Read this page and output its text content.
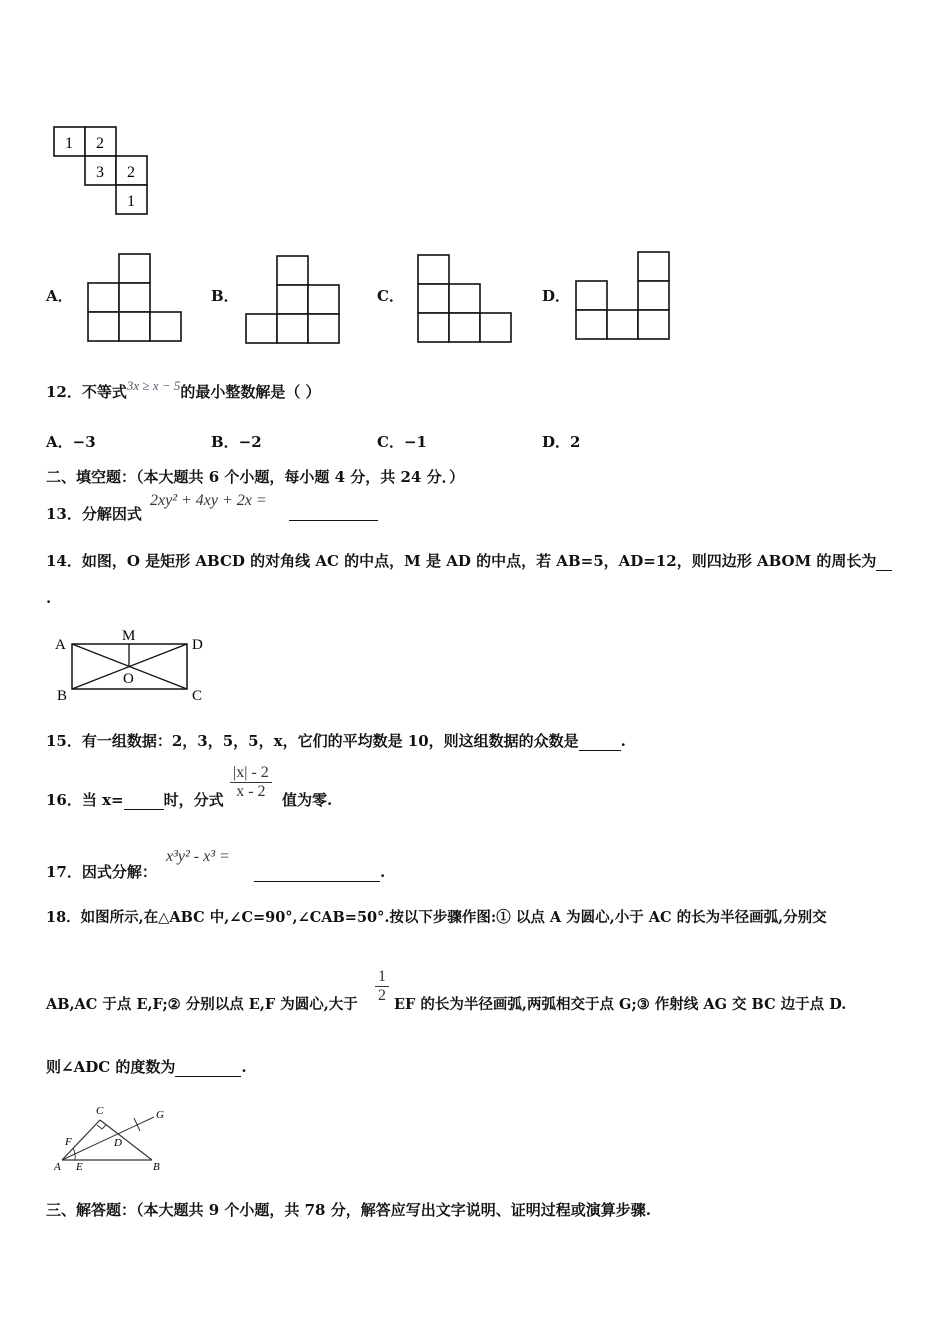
1 2
3 2
1
A．	B．	C．	D．
12．不等式3x ≥ x − 5的最小整数解是（ ）
A．−3	B．−2	C．−1	D．2
二、填空题：（本大题共 6 个小题，每小题 4 分，共 24 分．）
13．分解因式
2xy² + 4xy + 2x =
14．如图，O 是矩形 ABCD 的对角线 AC 的中点，M 是 AD 的中点，若 AB=5，AD=12，则四边形 ABOM 的周长为
.
A
M
D
B
O
C
15．有一组数据：2，3，5，5，x，它们的平均数是 10，则这组数据的众数是	.
16．当 x=	时，分式 $\frac{|x| - 2}{x - 2}$ 值为零.
17．因式分解：
x³y² - x³ =
.
18．如图所示,在△ABC 中,∠C=90°,∠CAB=50°.按以下步骤作图:① 以点 A 为圆心,小于 AC 的长为半径画弧,分别交
AB,AC 于点 E,F;② 分别以点 E,F 为圆心,大于 $\frac{1}{2}$ EF 的长为半径画弧,两弧相交于点 G;③ 作射线 AG 交 BC 边于点 D.
则∠ADC 的度数为	.
C	G
F	D
A E	B
三、解答题：（本大题共 9 个小题，共 78 分，解答应写出文字说明、证明过程或演算步骤.
